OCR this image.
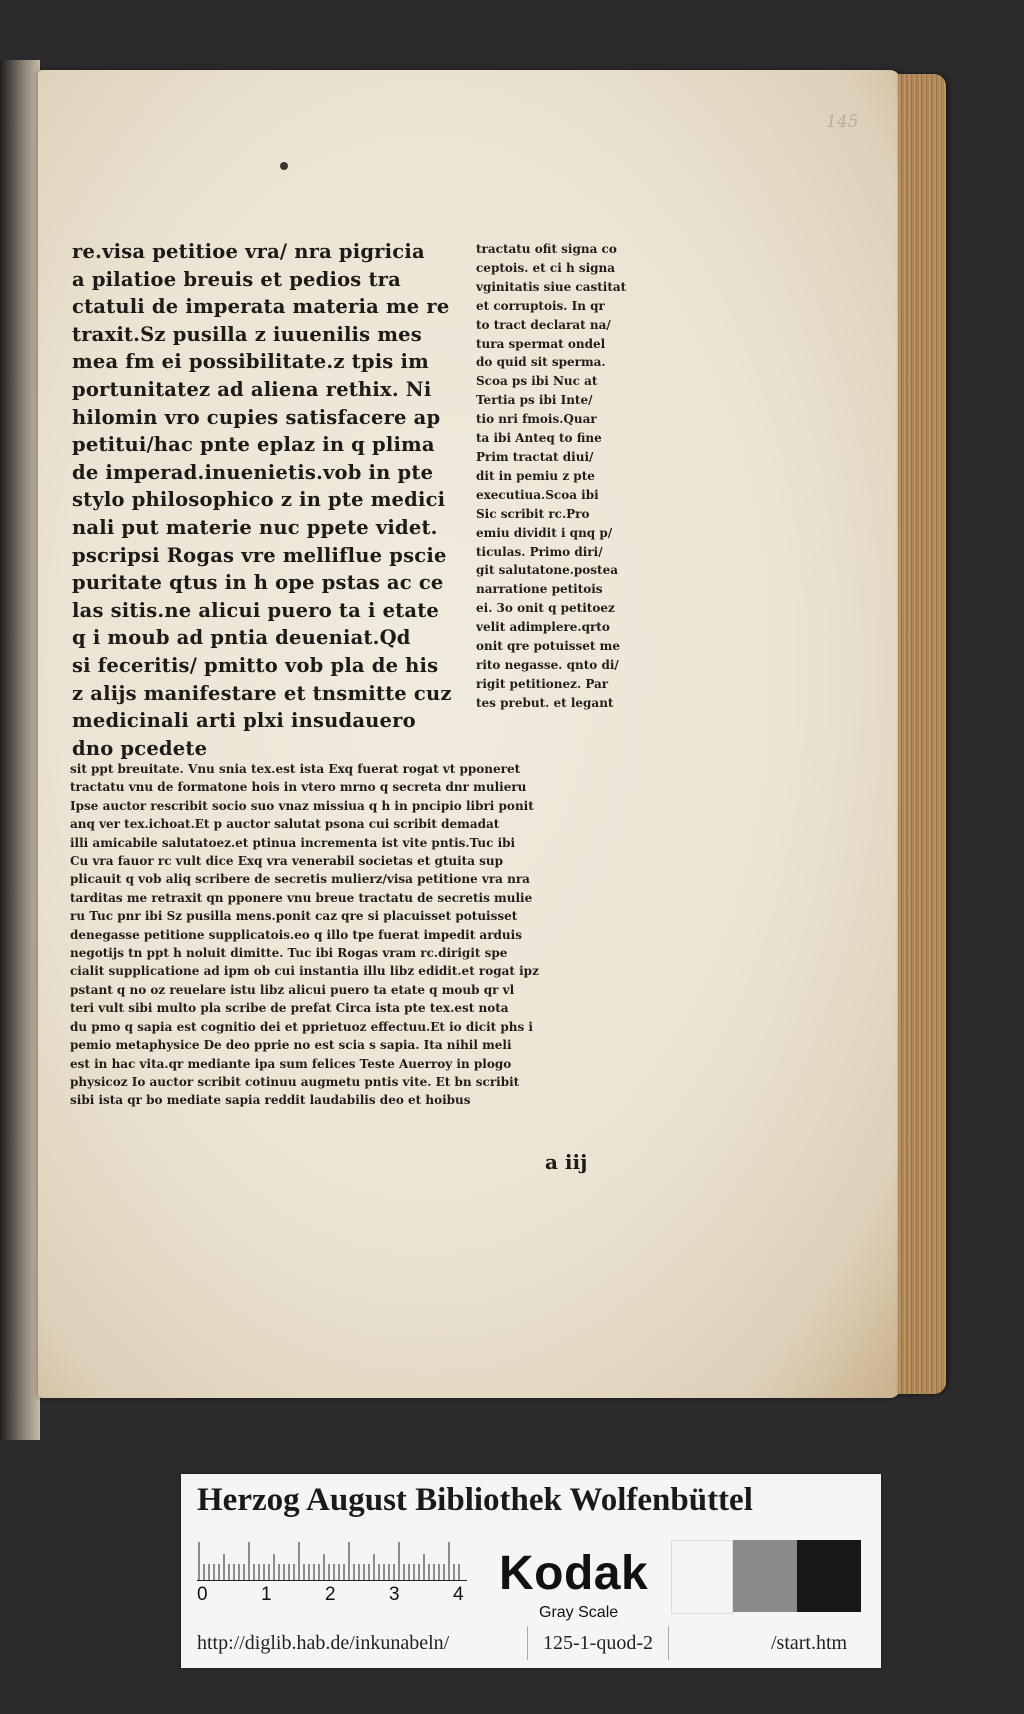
145
re.visa petitioe vra/ nra pigricia
a pilatioe breuis et pedios tra
ctatuli de imperata materia me re
traxit.Sz pusilla z iuuenilis mes
mea fm ei possibilitate.z tpis im
portunitatez ad aliena rethix. Ni
hilomin vro cupies satisfacere ap
petitui/hac pnte eplaz in q plima
de imperad.inuenietis.vob in pte
stylo philosophico z in pte medici
nali put materie nuc ppete videt.
pscripsi Rogas vre melliflue pscie
puritate qtus in h ope pstas ac ce
las sitis.ne alicui puero ta i etate
q i moub ad pntia deueniat.Qd
si feceritis/ pmitto vob pla de his
z alijs manifestare et tnsmitte cuz
medicinali arti plxi insudauero
dno pcedete
tractatu ofit signa co
ceptois. et ci h signa
vginitatis siue castitat
et corruptois. In qr
to tract declarat na/
tura spermat ondel
do quid sit sperma.
Scoa ps ibi Nuc at
Tertia ps ibi Inte/
tio nri fmois.Quar
ta ibi Anteq to fine
Prim tractat diui/
dit in pemiu z pte
executiua.Scoa ibi
Sic scribit rc.Pro
emiu dividit i qnq p/
ticulas. Primo diri/
git salutatone.postea
narratione petitois
ei. 3o onit q petitoez
velit adimplere.qrto
onit qre potuisset me
rito negasse. qnto di/
rigit petitionez. Par
tes prebut. et legant
sit ppt breuitate. Vnu snia tex.est ista Exq fuerat rogat vt pponeret
tractatu vnu de formatone hois in vtero mrno q secreta dnr mulieru
Ipse auctor rescribit socio suo vnaz missiua q h in pncipio libri ponit
anq ver tex.ichoat.Et p auctor salutat psona cui scribit demadat
illi amicabile salutatoez.et ptinua incrementa ist vite pntis.Tuc ibi
Cu vra fauor rc vult dice Exq vra venerabil societas et gtuita sup
plicauit q vob aliq scribere de secretis mulierz/visa petitione vra nra
tarditas me retraxit qn pponere vnu breue tractatu de secretis mulie
ru Tuc pnr ibi Sz pusilla mens.ponit caz qre si placuisset potuisset
denegasse petitione supplicatois.eo q illo tpe fuerat impedit arduis
negotijs tn ppt h noluit dimitte. Tuc ibi Rogas vram rc.dirigit spe
cialit supplicatione ad ipm ob cui instantia illu libz edidit.et rogat ipz
pstant q no oz reuelare istu libz alicui puero ta etate q moub qr vl
teri vult sibi multo pla scribe de prefat Circa ista pte tex.est nota
du pmo q sapia est cognitio dei et pprietuoz effectuu.Et io dicit phs i
pemio metaphysice De deo pprie no est scia s sapia. Ita nihil meli
est in hac vita.qr mediante ipa sum felices Teste Auerroy in plogo
physicoz Io auctor scribit cotinuu augmetu pntis vite. Et bn scribit
sibi ista qr bo mediate sapia reddit laudabilis deo et hoibus
a iij
Herzog August Bibliothek Wolfenbüttel
0	1	2	3	4 Kodak
Gray Scale
http://diglib.hab.de/inkunabeln/	125-1-quod-2	/start.htm
